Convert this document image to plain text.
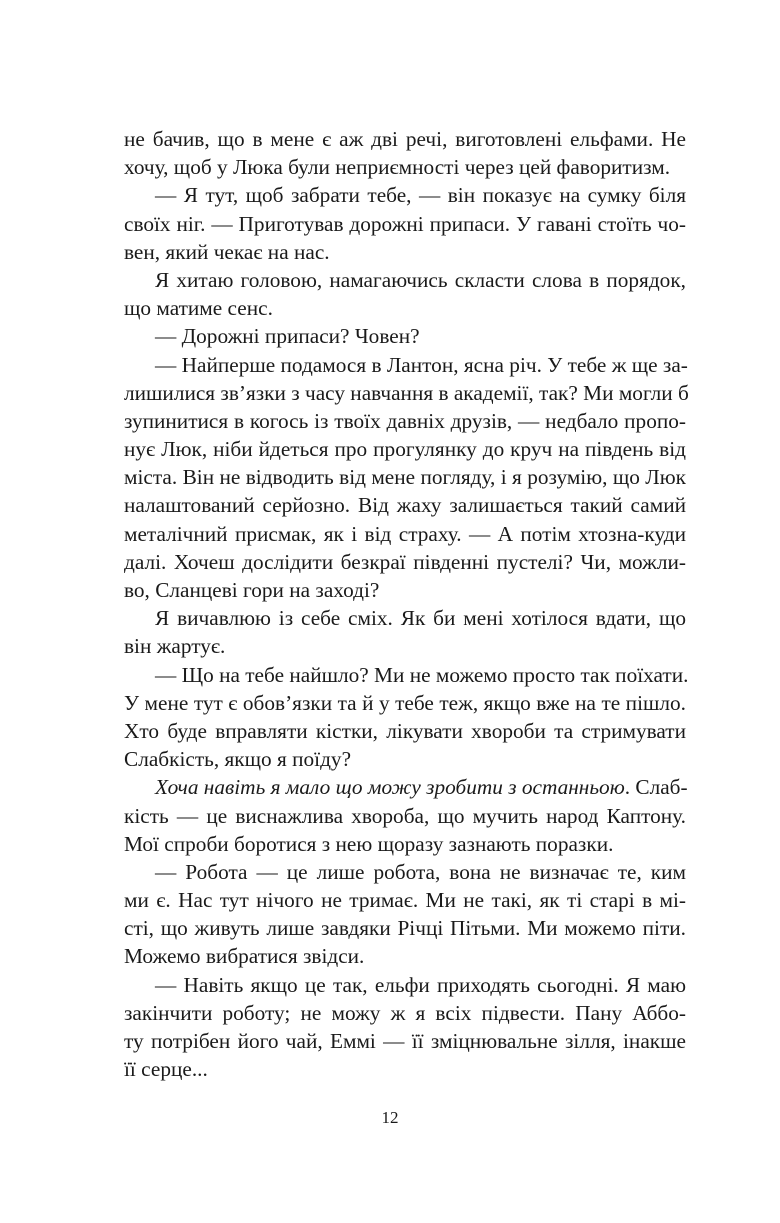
не бачив, що в мене є аж дві речі, виготовлені ельфами. Не
хочу, щоб у Люка були неприємності через цей фаворитизм.
— Я тут, щоб забрати тебе, — він показує на сумку біля
своїх ніг. — Приготував дорожні припаси. У гавані стоїть чо-
вен, який чекає на нас.
Я хитаю головою, намагаючись скласти слова в порядок,
що матиме сенс.
— Дорожні припаси? Човен?
— Найперше подамося в Лантон, ясна річ. У тебе ж ще за-
лишилися зв’язки з часу навчання в академії, так? Ми могли б
зупинитися в когось із твоїх давніх друзів, — недбало пропо-
нує Люк, ніби йдеться про прогулянку до круч на південь від
міста. Він не відводить від мене погляду, і я розумію, що Люк
налаштований серйозно. Від жаху залишається такий самий
металічний присмак, як і від страху. — А потім хтозна-куди
далі. Хочеш дослідити безкраї південні пустелі? Чи, можли-
во, Сланцеві гори на заході?
Я вичавлюю із себе сміх. Як би мені хотілося вдати, що
він жартує.
— Що на тебе найшло? Ми не можемо просто так поїхати.
У мене тут є обов’язки та й у тебе теж, якщо вже на те пішло.
Хто буде вправляти кістки, лікувати хвороби та стримувати
Слабкість, якщо я поїду?
Хоча навіть я мало що можу зробити з останньою. Слаб-
кість — це виснажлива хвороба, що мучить народ Каптону.
Мої спроби боротися з нею щоразу зазнають поразки.
— Робота — це лише робота, вона не визначає те, ким
ми є. Нас тут нічого не тримає. Ми не такі, як ті старі в мі-
сті, що живуть лише завдяки Річці Пітьми. Ми можемо піти.
Можемо вибратися звідси.
— Навіть якщо це так, ельфи приходять сьогодні. Я маю
закінчити роботу; не можу ж я всіх підвести. Пану Аббо-
ту потрібен його чай, Еммі — її зміцнювальне зілля, інакше
її серце...
12
